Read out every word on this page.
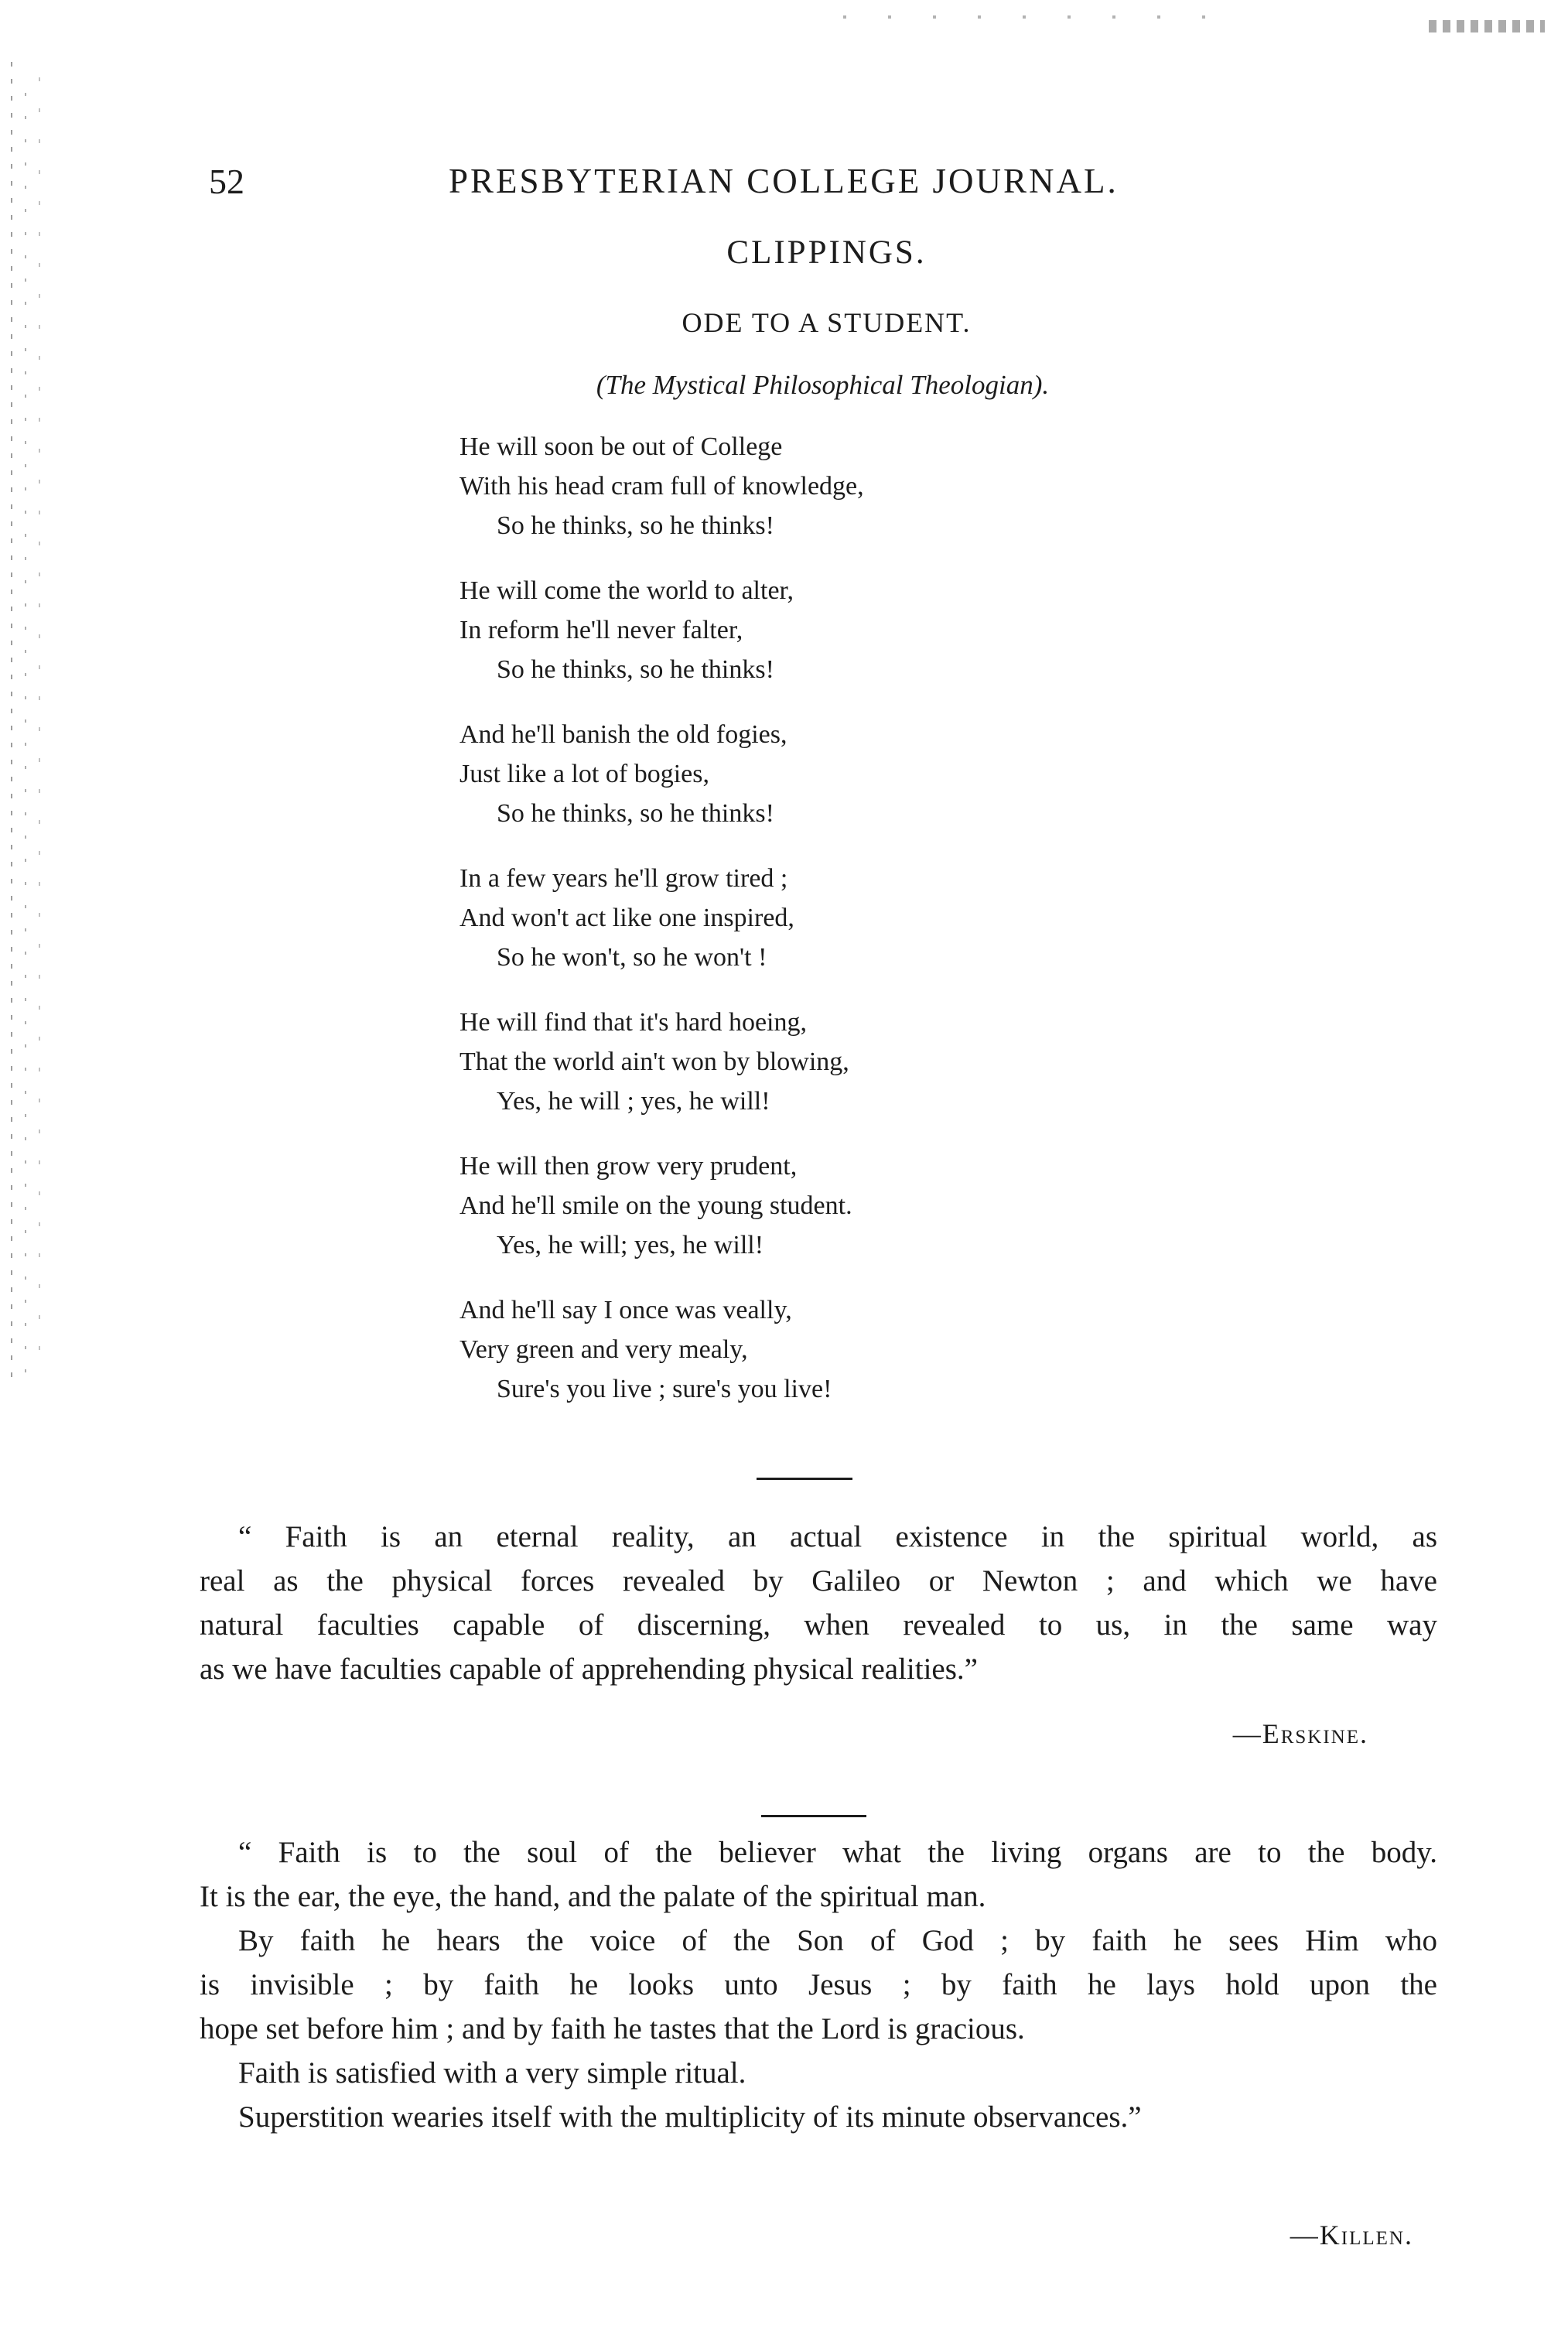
52	PRESBYTERIAN COLLEGE JOURNAL.
CLIPPINGS.
ODE TO A STUDENT.
(The Mystical Philosophical Theologian).
He will soon be out of College
With his head cram full of knowledge,
So he thinks, so he thinks!
He will come the world to alter,
In reform he'll never falter,
So he thinks, so he thinks!
And he'll banish the old fogies,
Just like a lot of bogies,
So he thinks, so he thinks!
In a few years he'll grow tired ;
And won't act like one inspired,
So he won't, so he won't !
He will find that it's hard hoeing,
That the world ain't won by blowing,
Yes, he will ; yes, he will!
He will then grow very prudent,
And he'll smile on the young student.
Yes, he will; yes, he will!
And he'll say I once was veally,
Very green and very mealy,
Sure's you live ; sure's you live!
“ Faith is an eternal reality, an actual existence in the spiritual world, as
real as the physical forces revealed by Galileo or Newton ; and which we have
natural faculties capable of discerning, when revealed to us, in the same way
as we have faculties capable of apprehending physical realities.”
—Erskine.
“ Faith is to the soul of the believer what the living organs are to the body.
It is the ear, the eye, the hand, and the palate of the spiritual man.
By faith he hears the voice of the Son of God ; by faith he sees Him who
is invisible ; by faith he looks unto Jesus ; by faith he lays hold upon the
hope set before him ; and by faith he tastes that the Lord is gracious.
Faith is satisfied with a very simple ritual.
Superstition wearies itself with the multiplicity of its minute observances.”
—Killen.
